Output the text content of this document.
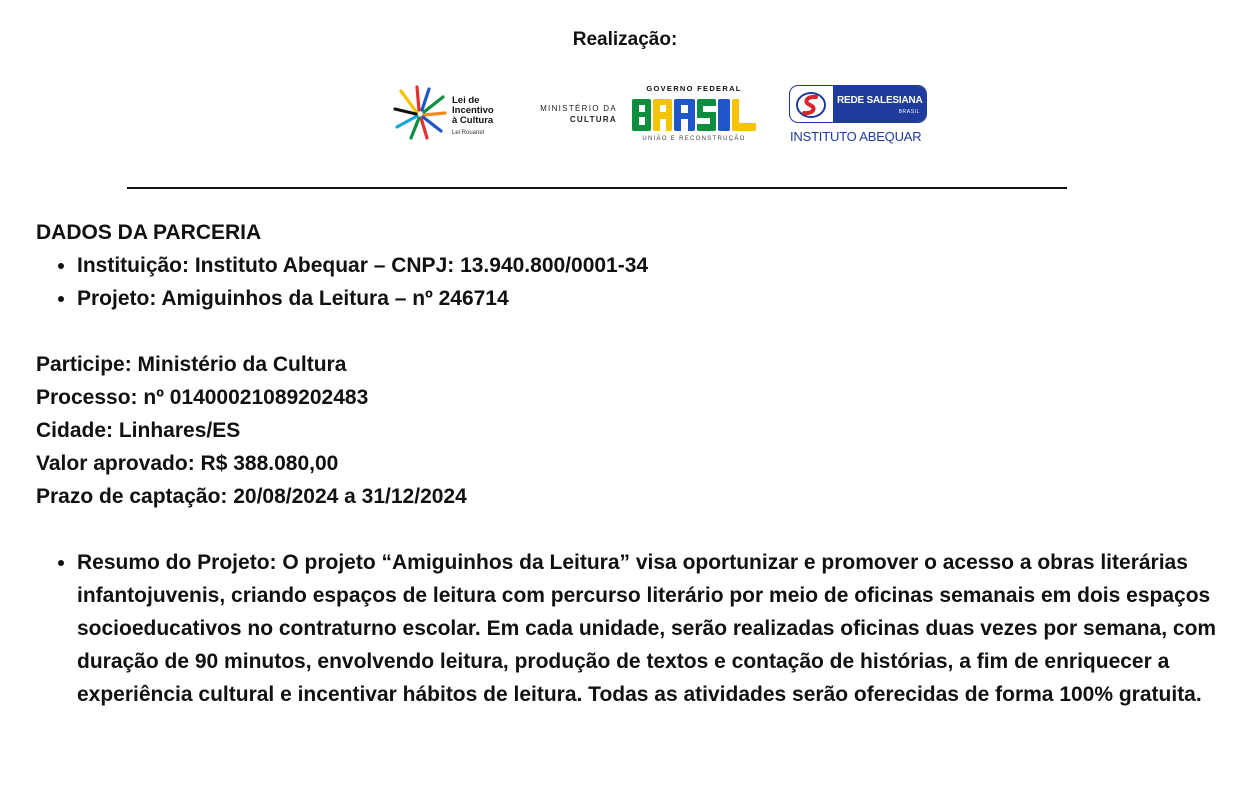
Realização:
Lei de
Incentivo
à Cultura
Lei Rouanet
MINISTÉRIO DA
CULTURA
GOVERNO FEDERAL
UNIÃO E RECONSTRUÇÃO
REDE SALESIANA
BRASIL
INSTITUTO ABEQUAR

DADOS DA PARCERIA

• Instituição: Instituto Abequar – CNPJ: 13.940.800/0001-34
• Projeto: Amiguinhos da Leitura – nº 246714

Participe: Ministério da Cultura

Processo: nº 01400021089202483

Cidade: Linhares/ES

Valor aprovado: R$ 388.080,00

Prazo de captação: 20/08/2024 a 31/12/2024

• Resumo do Projeto: O projeto “Amiguinhos da Leitura” visa oportunizar e promover o acesso a obras literárias infantojuvenis, criando espaços de leitura com percurso literário por meio de oficinas semanais em dois espaços socioeducativos no contraturno escolar. Em cada unidade, serão realizadas oficinas duas vezes por semana, com duração de 90 minutos, envolvendo leitura, produção de textos e contação de histórias, a fim de enriquecer a experiência cultural e incentivar hábitos de leitura. Todas as atividades serão oferecidas de forma 100% gratuita.
